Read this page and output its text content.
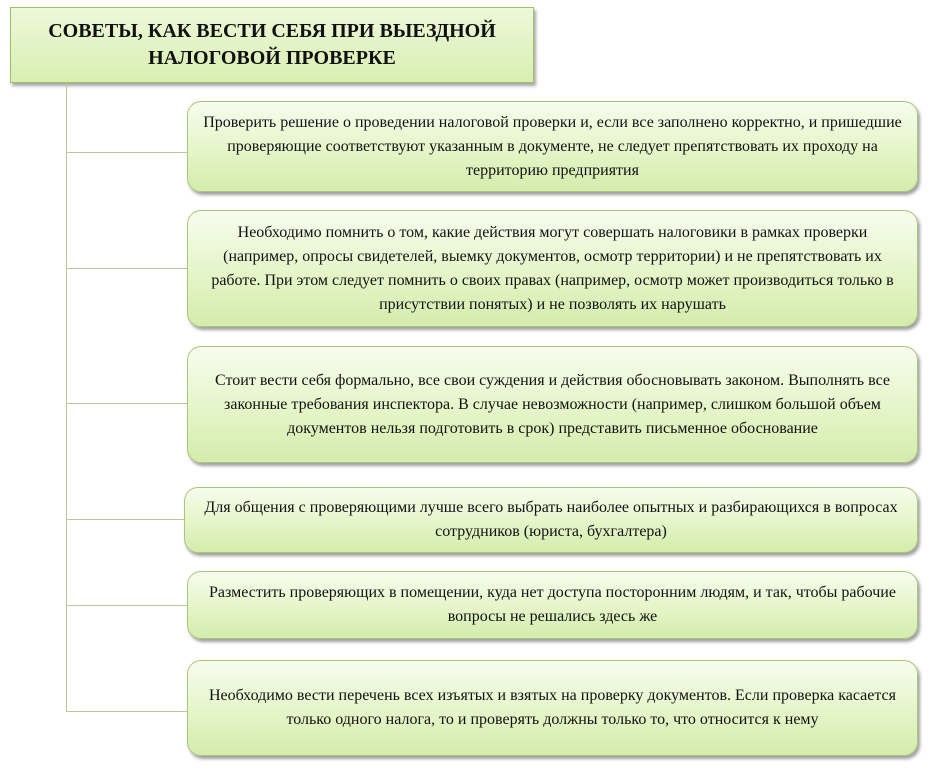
СОВЕТЫ, КАК ВЕСТИ СЕБЯ ПРИ ВЫЕЗДНОЙ
НАЛОГОВОЙ ПРОВЕРКЕ
Проверить решение о проведении налоговой проверки и, если все заполнено корректно, и пришедшие проверяющие соответствуют указанным в документе, не следует препятствовать их проходу на территорию предприятия
Необходимо помнить о том, какие действия могут совершать налоговики в рамках проверки (например, опросы свидетелей, выемку документов, осмотр территории) и не препятствовать их работе. При этом следует помнить о своих правах (например, осмотр может производиться только в присутствии понятых) и не позволять их нарушать
Стоит вести себя формально, все свои суждения и действия обосновывать законом. Выполнять все законные требования инспектора. В случае невозможности (например, слишком большой объем документов нельзя подготовить в срок) представить письменное обоснование
Для общения с проверяющими лучше всего выбрать наиболее опытных и разбирающихся в вопросах сотрудников (юриста, бухгалтера)
Разместить проверяющих в помещении, куда нет доступа посторонним людям, и так, чтобы рабочие вопросы не решались здесь же
Необходимо вести перечень всех изъятых и взятых на проверку документов. Если проверка касается только одного налога, то и проверять должны только то, что относится к нему
